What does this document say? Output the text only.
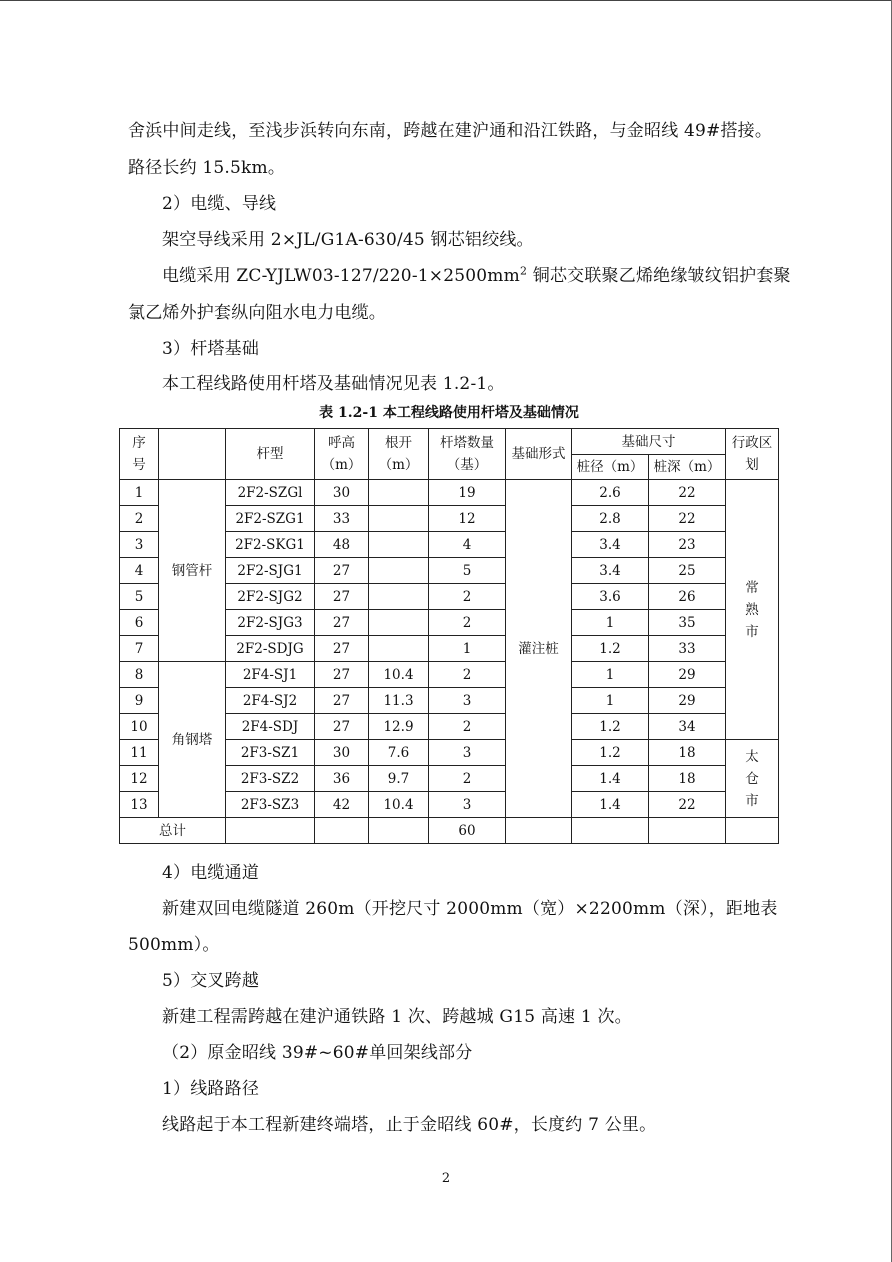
舍浜中间走线，至浅步浜转向东南，跨越在建沪通和沿江铁路，与金昭线 49#搭接。
路径长约 15.5km。
2）电缆、导线
架空导线采用 2×JL/G1A-630/45 钢芯铝绞线。
电缆采用 $ZC-YJLW03-127/220-1\times 2500mm^2$ 铜芯交联聚乙烯绝缘皱纹铝护套聚
氯乙烯外护套纵向阻水电力电缆。
3）杆塔基础
本工程线路使用杆塔及基础情况见表 1.2-1。
表 1.2-1 本工程线路使用杆塔及基础情况
序号		杆型	呼高（m）	根开（m）	杆塔数量（基）	基础形式	基础尺寸		行政区划
							桩径（m）	桩深（m）	
1	钢管杆	2F2-SZGl	30		19	灌注桩	2.6	22	常熟市
2		2F2-SZG1	33		12		2.8	22	
3		2F2-SKG1	48		4		3.4	23	
4		2F2-SJG1	27		5		3.4	25	
5		2F2-SJG2	27		2		3.6	26	
6		2F2-SJG3	27		2		1	35	
7		2F2-SDJG	27		1		1.2	33	
8	角钢塔	2F4-SJ1	27	10.4	2		1	29	
9		2F4-SJ2	27	11.3	3		1	29	
10		2F4-SDJ	27	12.9	2		1.2	34	
11		2F3-SZ1	30	7.6	3		1.2	18	太仓市
12		2F3-SZ2	36	9.7	2		1.4	18	
13		2F3-SZ3	42	10.4	3		1.4	22	
总计					60				
4）电缆通道
新建双回电缆隧道 260m（开挖尺寸 2000mm（宽）×2200mm（深），距地表
500mm）。
5）交叉跨越
新建工程需跨越在建沪通铁路 1 次、跨越城 G15 高速 1 次。
（2）原金昭线 39#~60#单回架线部分
1）线路路径
线路起于本工程新建终端塔，止于金昭线 60#，长度约 7 公里。
2
